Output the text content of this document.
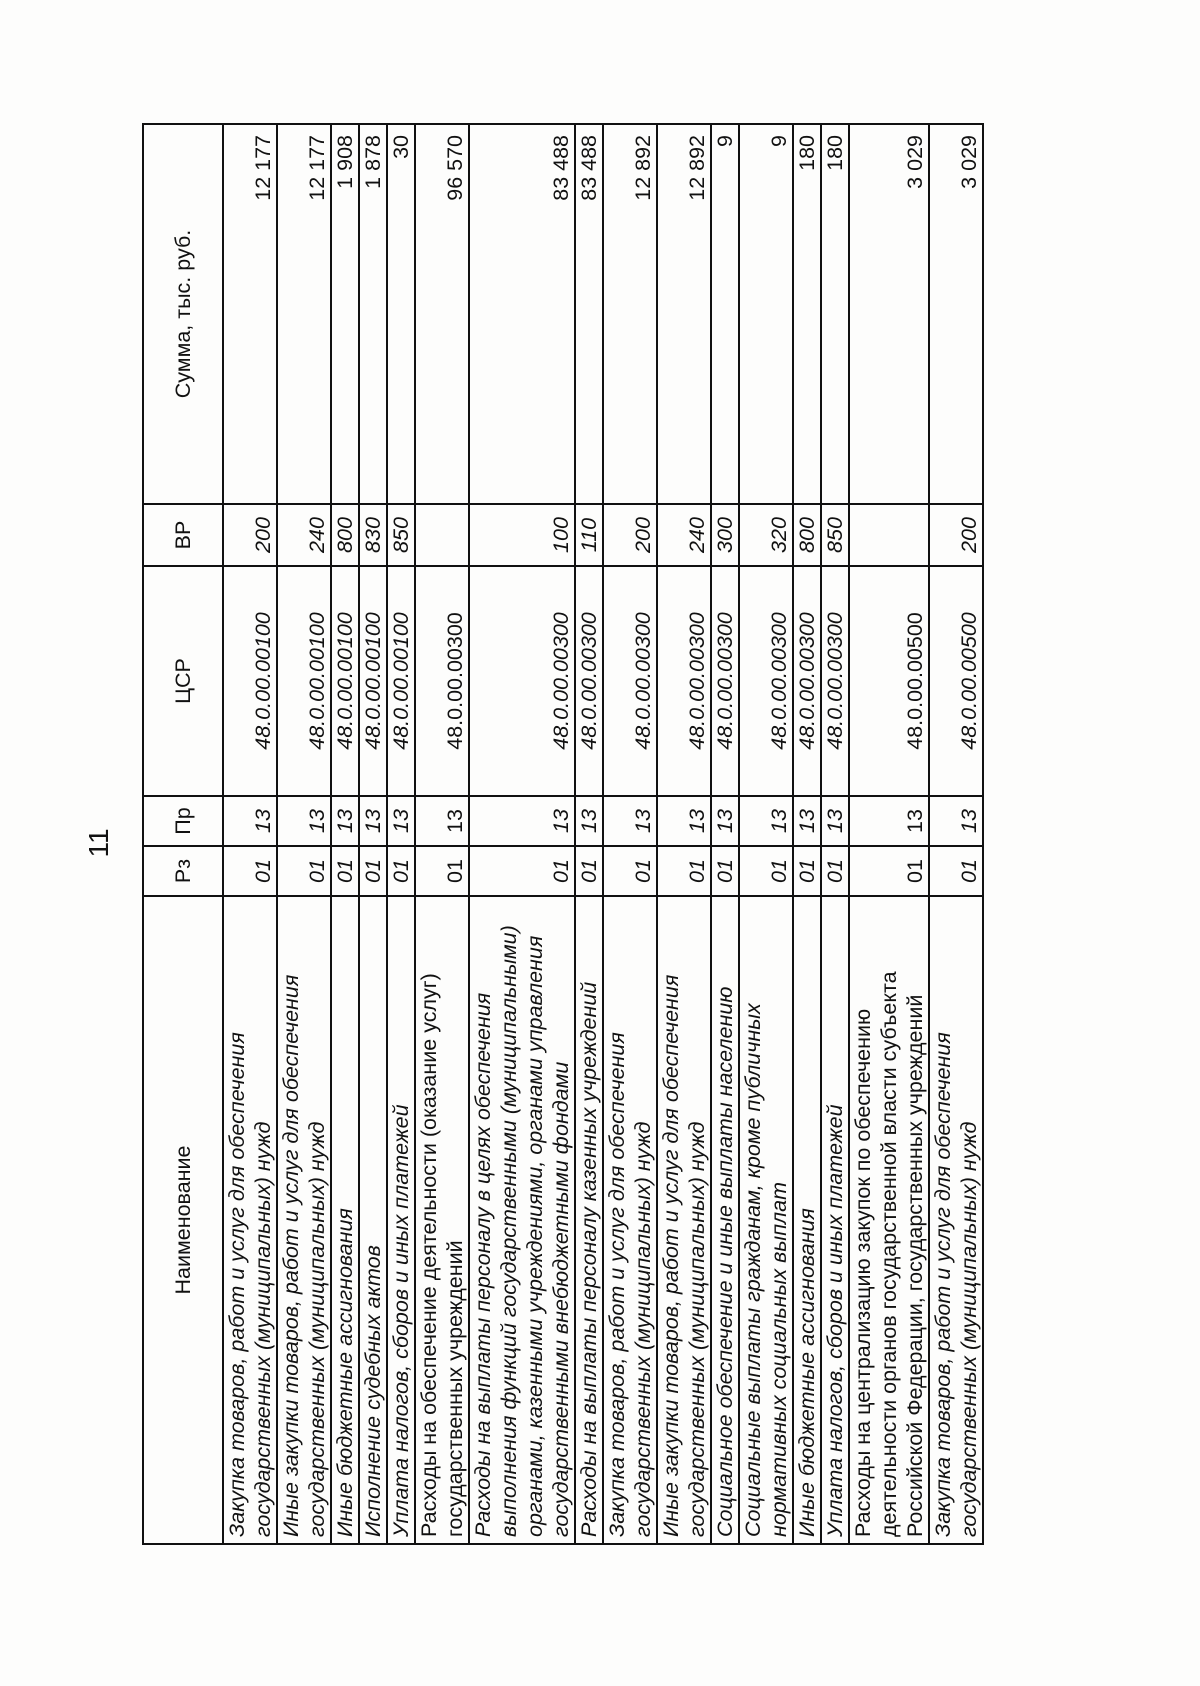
11
Наименование	Рз	Пр	ЦСР	ВР	Сумма, тыс. руб.
Закупка товаров, работ и услуг для обеспечения государственных (муниципальных) нужд	01	13	48.0.00.00100	200	12 177
Иные закупки товаров, работ и услуг для обеспечения государственных (муниципальных) нужд	01	13	48.0.00.00100	240	12 177
Иные бюджетные ассигнования	01	13	48.0.00.00100	800	1 908
Исполнение судебных актов	01	13	48.0.00.00100	830	1 878
Уплата налогов, сборов и иных платежей	01	13	48.0.00.00100	850	30
Расходы на обеспечение деятельности (оказание услуг) государственных учреждений	01	13	48.0.00.00300		96 570
Расходы на выплаты персоналу в целях обеспечения выполнения функций государственными (муниципальными) органами, казенными учреждениями, органами управления государственными внебюджетными фондами	01	13	48.0.00.00300	100	83 488
Расходы на выплаты персоналу казенных учреждений	01	13	48.0.00.00300	110	83 488
Закупка товаров, работ и услуг для обеспечения государственных (муниципальных) нужд	01	13	48.0.00.00300	200	12 892
Иные закупки товаров, работ и услуг для обеспечения государственных (муниципальных) нужд	01	13	48.0.00.00300	240	12 892
Социальное обеспечение и иные выплаты населению	01	13	48.0.00.00300	300	9
Социальные выплаты гражданам, кроме публичных нормативных социальных выплат	01	13	48.0.00.00300	320	9
Иные бюджетные ассигнования	01	13	48.0.00.00300	800	180
Уплата налогов, сборов и иных платежей	01	13	48.0.00.00300	850	180
Расходы на централизацию закупок по обеспечению деятельности органов государственной власти субъекта Российской Федерации, государственных учреждений	01	13	48.0.00.00500		3 029
Закупка товаров, работ и услуг для обеспечения государственных (муниципальных) нужд	01	13	48.0.00.00500	200	3 029
